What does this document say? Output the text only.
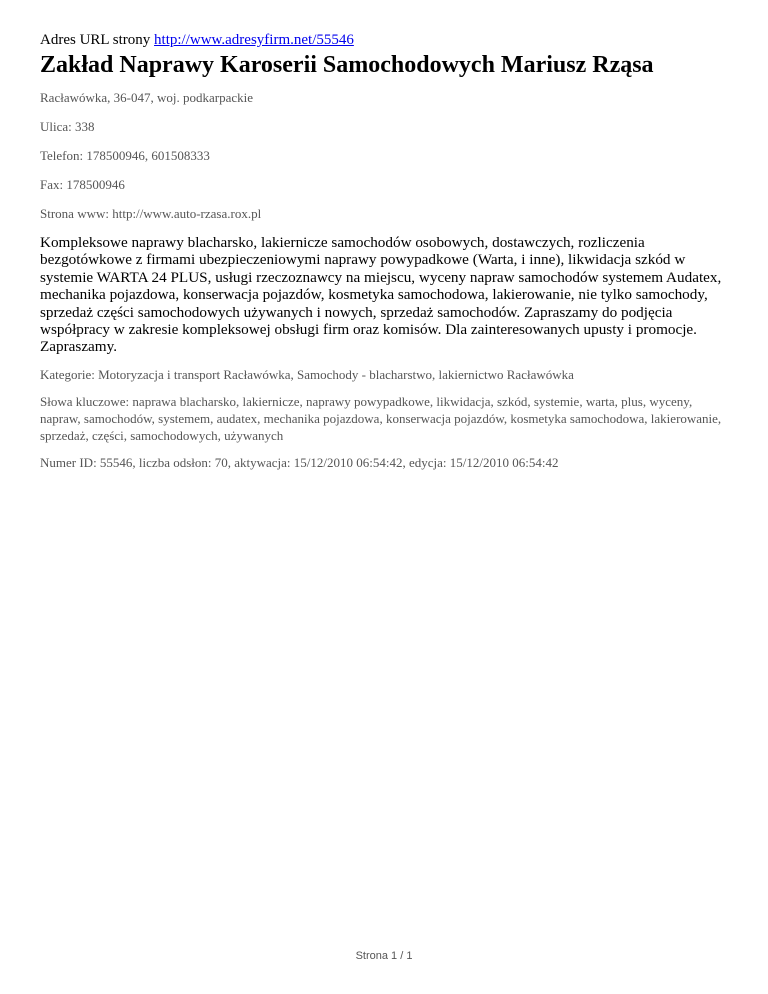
Adres URL strony http://www.adresyfirm.net/55546

Zakład Naprawy Karoserii Samochodowych Mariusz Rząsa

Racławówka, 36-047, woj. podkarpackie

Ulica: 338

Telefon: 178500946, 601508333

Fax: 178500946

Strona www: http://www.auto-rzasa.rox.pl

Kompleksowe naprawy blacharsko, lakiernicze samochodów osobowych, dostawczych, rozliczenia bezgotówkowe z firmami ubezpieczeniowymi naprawy powypadkowe (Warta, i inne), likwidacja szkód w systemie WARTA 24 PLUS, usługi rzeczoznawcy na miejscu, wyceny napraw samochodów systemem Audatex, mechanika pojazdowa, konserwacja pojazdów, kosmetyka samochodowa, lakierowanie, nie tylko samochody, sprzedaż części samochodowych używanych i nowych, sprzedaż samochodów. Zapraszamy do podjęcia współpracy w zakresie kompleksowej obsługi firm oraz komisów. Dla zainteresowanych upusty i promocje. Zapraszamy.

Kategorie: Motoryzacja i transport Racławówka, Samochody - blacharstwo, lakiernictwo Racławówka

Słowa kluczowe: naprawa blacharsko, lakiernicze, naprawy powypadkowe, likwidacja, szkód, systemie, warta, plus, wyceny, napraw, samochodów, systemem, audatex, mechanika pojazdowa, konserwacja pojazdów, kosmetyka samochodowa, lakierowanie, sprzedaż, części, samochodowych, używanych

Numer ID: 55546, liczba odsłon: 70, aktywacja: 15/12/2010 06:54:42, edycja: 15/12/2010 06:54:42

Strona 1 / 1
